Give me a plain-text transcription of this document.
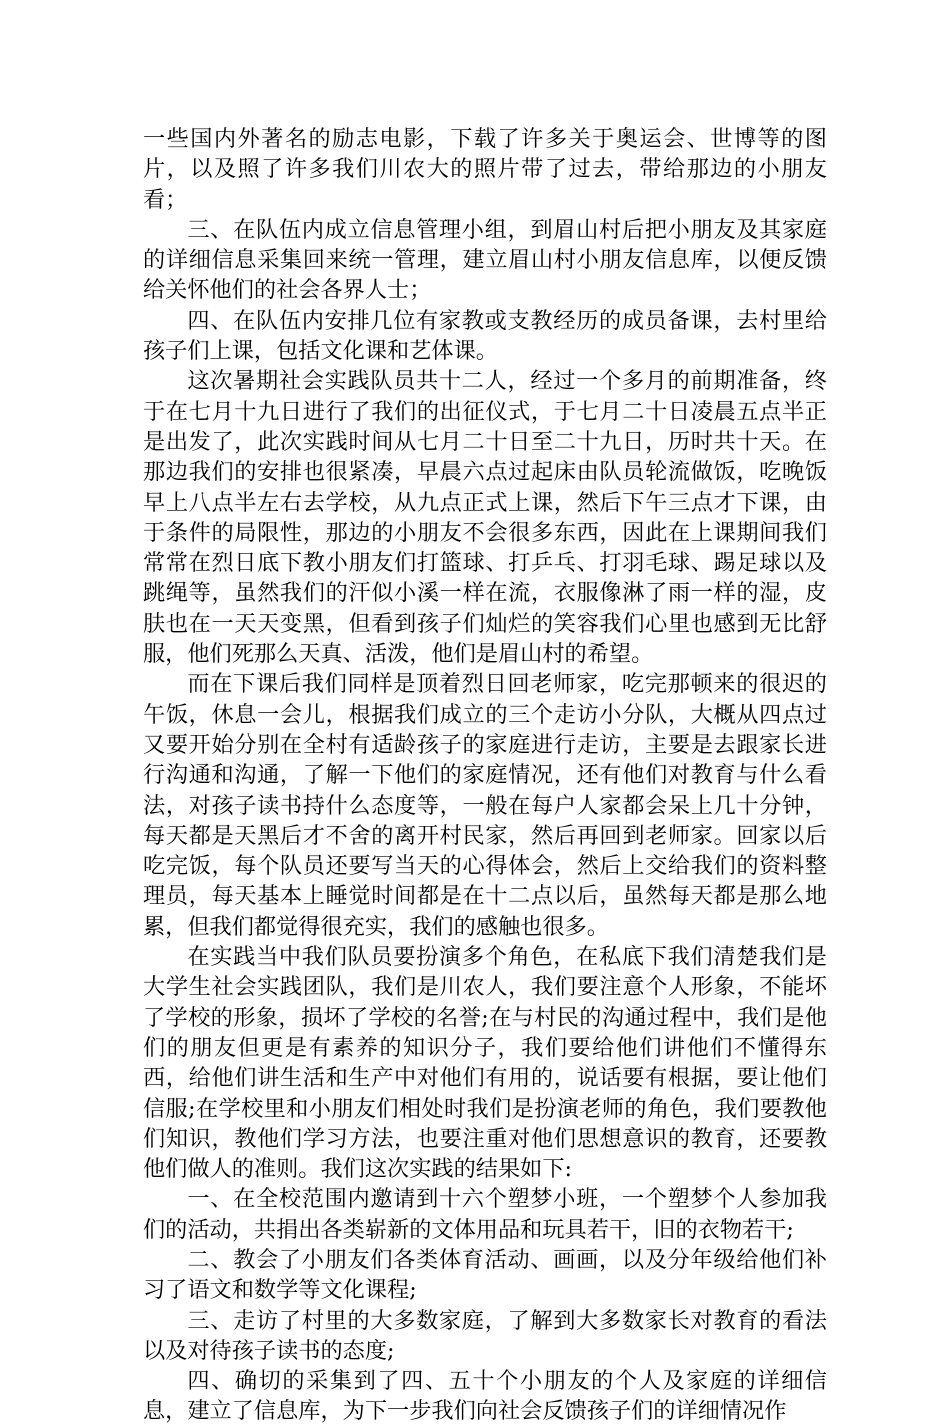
一些国内外著名的励志电影，下载了许多关于奥运会、世博等的图片，以及照了许多我们川农大的照片带了过去，带给那边的小朋友看；

三、在队伍内成立信息管理小组，到眉山村后把小朋友及其家庭的详细信息采集回来统一管理，建立眉山村小朋友信息库，以便反馈给关怀他们的社会各界人士；

四、在队伍内安排几位有家教或支教经历的成员备课，去村里给孩子们上课，包括文化课和艺体课。

这次暑期社会实践队员共十二人，经过一个多月的前期准备，终于在七月十九日进行了我们的出征仪式，于七月二十日凌晨五点半正是出发了，此次实践时间从七月二十日至二十九日，历时共十天。在那边我们的安排也很紧凑，早晨六点过起床由队员轮流做饭，吃晚饭早上八点半左右去学校，从九点正式上课，然后下午三点才下课，由于条件的局限性，那边的小朋友不会很多东西，因此在上课期间我们常常在烈日底下教小朋友们打篮球、打乒乓、打羽毛球、踢足球以及跳绳等，虽然我们的汗似小溪一样在流，衣服像淋了雨一样的湿，皮肤也在一天天变黑，但看到孩子们灿烂的笑容我们心里也感到无比舒服，他们死那么天真、活泼，他们是眉山村的希望。

而在下课后我们同样是顶着烈日回老师家，吃完那顿来的很迟的午饭，休息一会儿，根据我们成立的三个走访小分队，大概从四点过又要开始分别在全村有适龄孩子的家庭进行走访，主要是去跟家长进行沟通和沟通，了解一下他们的家庭情况，还有他们对教育与什么看法，对孩子读书持什么态度等，一般在每户人家都会呆上几十分钟，每天都是天黑后才不舍的离开村民家，然后再回到老师家。回家以后吃完饭，每个队员还要写当天的心得体会，然后上交给我们的资料整理员，每天基本上睡觉时间都是在十二点以后，虽然每天都是那么地累，但我们都觉得很充实，我们的感触也很多。

在实践当中我们队员要扮演多个角色，在私底下我们清楚我们是大学生社会实践团队，我们是川农人，我们要注意个人形象，不能坏了学校的形象，损坏了学校的名誉;在与村民的沟通过程中，我们是他们的朋友但更是有素养的知识分子，我们要给他们讲他们不懂得东西，给他们讲生活和生产中对他们有用的，说话要有根据，要让他们信服;在学校里和小朋友们相处时我们是扮演老师的角色，我们要教他们知识，教他们学习方法，也要注重对他们思想意识的教育，还要教他们做人的准则。我们这次实践的结果如下:

一、在全校范围内邀请到十六个塑梦小班，一个塑梦个人参加我们的活动，共捐出各类崭新的文体用品和玩具若干，旧的衣物若干;

二、教会了小朋友们各类体育活动、画画，以及分年级给他们补习了语文和数学等文化课程;

三、走访了村里的大多数家庭，了解到大多数家长对教育的看法以及对待孩子读书的态度;

四、确切的采集到了四、五十个小朋友的个人及家庭的详细信息，建立了信息库，为下一步我们向社会反馈孩子们的详细情况作
